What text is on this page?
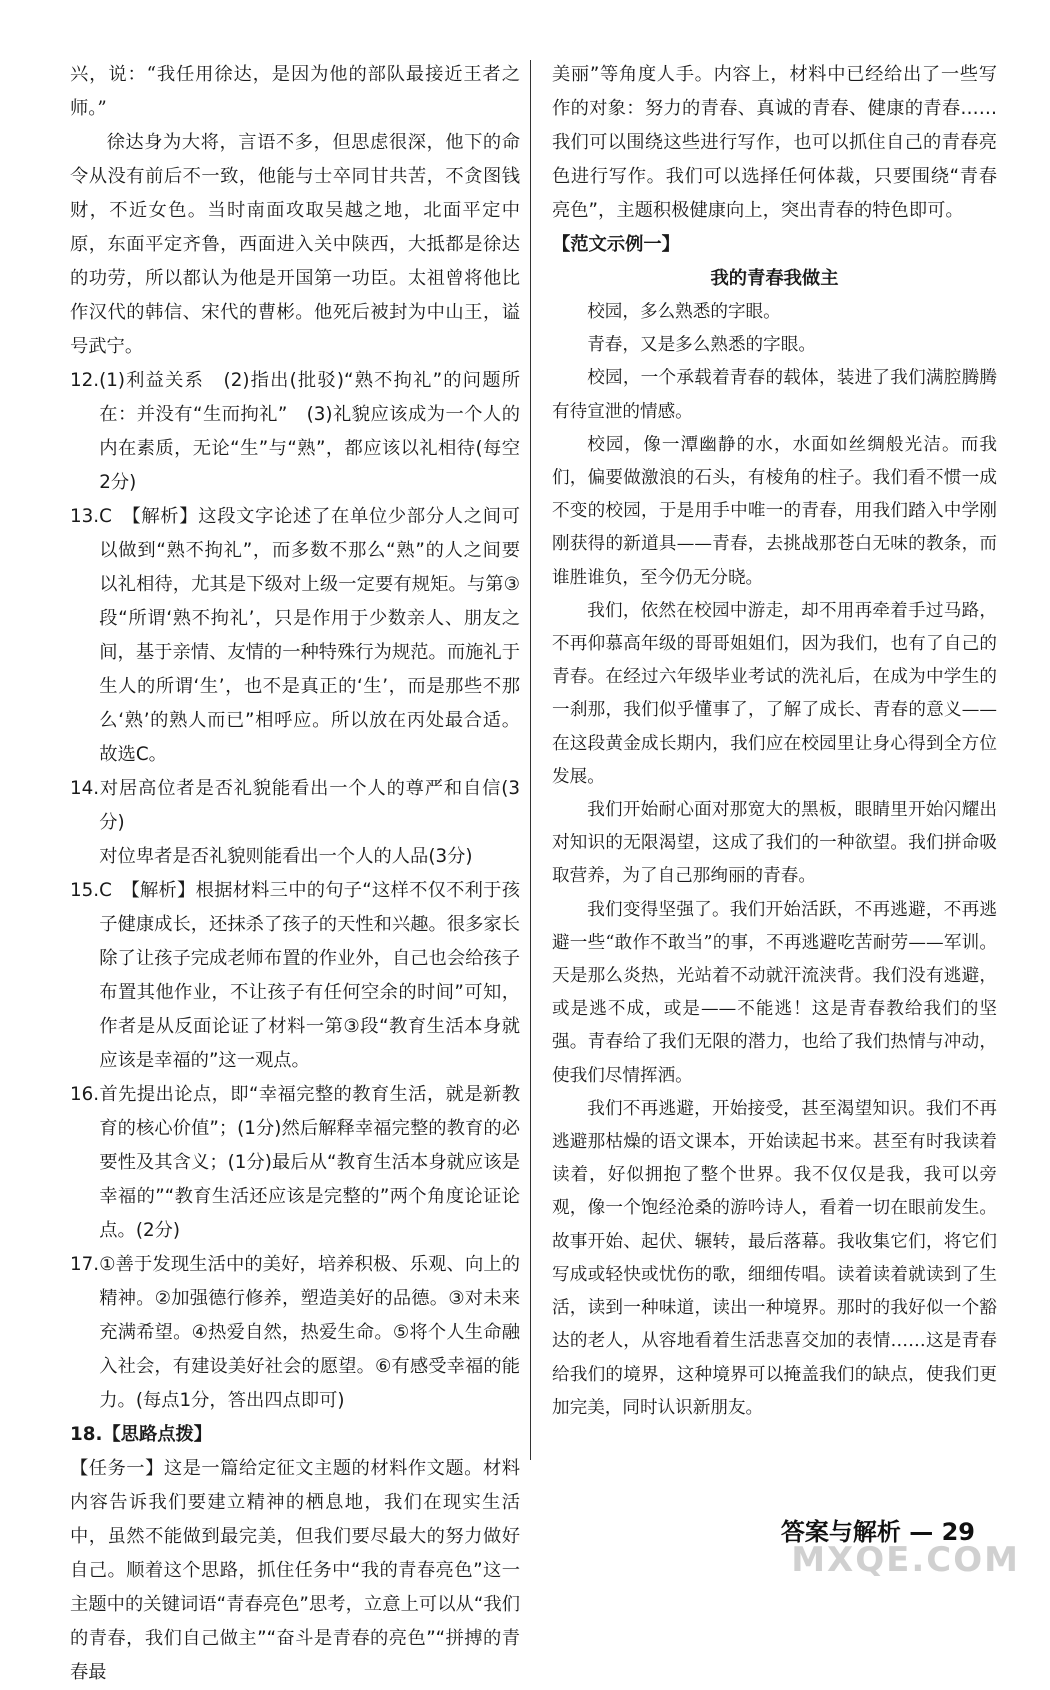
兴，说：“我任用徐达，是因为他的部队最接近王者之师。”

徐达身为大将，言语不多，但思虑很深，他下的命令从没有前后不一致，他能与士卒同甘共苦，不贪图钱财，不近女色。当时南面攻取吴越之地，北面平定中原，东面平定齐鲁，西面进入关中陕西，大抵都是徐达的功劳，所以都认为他是开国第一功臣。太祖曾将他比作汉代的韩信、宋代的曹彬。他死后被封为中山王，谥号武宁。

12.(1)利益关系　(2)指出(批驳)“熟不拘礼”的问题所在：并没有“生而拘礼”　(3)礼貌应该成为一个人的内在素质，无论“生”与“熟”，都应该以礼相待(每空2分)

13.C　【解析】这段文字论述了在单位少部分人之间可以做到“熟不拘礼”，而多数不那么“熟”的人之间要以礼相待，尤其是下级对上级一定要有规矩。与第③段“所谓‘熟不拘礼’，只是作用于少数亲人、朋友之间，基于亲情、友情的一种特殊行为规范。而施礼于生人的所谓‘生’，也不是真正的‘生’，而是那些不那么‘熟’的熟人而已”相呼应。所以放在丙处最合适。故选C。

14.对居高位者是否礼貌能看出一个人的尊严和自信(3分)

对位卑者是否礼貌则能看出一个人的人品(3分)

15.C　【解析】根据材料三中的句子“这样不仅不利于孩子健康成长，还抹杀了孩子的天性和兴趣。很多家长除了让孩子完成老师布置的作业外，自己也会给孩子布置其他作业，不让孩子有任何空余的时间”可知，作者是从反面论证了材料一第③段“教育生活本身就应该是幸福的”这一观点。

16.首先提出论点，即“幸福完整的教育生活，就是新教育的核心价值”；(1分)然后解释幸福完整的教育的必要性及其含义；(1分)最后从“教育生活本身就应该是幸福的”“教育生活还应该是完整的”两个角度论证论点。(2分)

17.①善于发现生活中的美好，培养积极、乐观、向上的精神。②加强德行修养，塑造美好的品德。③对未来充满希望。④热爱自然，热爱生命。⑤将个人生命融入社会，有建设美好社会的愿望。⑥有感受幸福的能力。(每点1分，答出四点即可)

18.【思路点拨】

【任务一】这是一篇给定征文主题的材料作文题。材料内容告诉我们要建立精神的栖息地，我们在现实生活中，虽然不能做到最完美，但我们要尽最大的努力做好自己。顺着这个思路，抓住任务中“我的青春亮色”这一主题中的关键词语“青春亮色”思考，立意上可以从“我们的青春，我们自己做主”“奋斗是青春的亮色”“拼搏的青春最

美丽”等角度人手。内容上，材料中已经给出了一些写作的对象：努力的青春、真诚的青春、健康的青春……我们可以围绕这些进行写作，也可以抓住自己的青春亮色进行写作。我们可以选择任何体裁，只要围绕“青春亮色”，主题积极健康向上，突出青春的特色即可。

【范文示例一】

我的青春我做主

校园，多么熟悉的字眼。

青春，又是多么熟悉的字眼。

校园，一个承载着青春的载体，装进了我们满腔腾腾有待宣泄的情感。

校园，像一潭幽静的水，水面如丝绸般光洁。而我们，偏要做激浪的石头，有棱角的柱子。我们看不惯一成不变的校园，于是用手中唯一的青春，用我们踏入中学刚刚获得的新道具——青春，去挑战那苍白无味的教条，而谁胜谁负，至今仍无分晓。

我们，依然在校园中游走，却不用再牵着手过马路，不再仰慕高年级的哥哥姐姐们，因为我们，也有了自己的青春。在经过六年级毕业考试的洗礼后，在成为中学生的一刹那，我们似乎懂事了，了解了成长、青春的意义——在这段黄金成长期内，我们应在校园里让身心得到全方位发展。

我们开始耐心面对那宽大的黑板，眼睛里开始闪耀出对知识的无限渴望，这成了我们的一种欲望。我们拼命吸取营养，为了自己那绚丽的青春。

我们变得坚强了。我们开始活跃，不再逃避，不再逃避一些“敢作不敢当”的事，不再逃避吃苦耐劳——军训。天是那么炎热，光站着不动就汗流浃背。我们没有逃避，或是逃不成，或是——不能逃！这是青春教给我们的坚强。青春给了我们无限的潜力，也给了我们热情与冲动，使我们尽情挥洒。

我们不再逃避，开始接受，甚至渴望知识。我们不再逃避那枯燥的语文课本，开始读起书来。甚至有时我读着读着，好似拥抱了整个世界。我不仅仅是我，我可以旁观，像一个饱经沧桑的游吟诗人，看着一切在眼前发生。故事开始、起伏、辗转，最后落幕。我收集它们，将它们写成或轻快或忧伤的歌，细细传唱。读着读着就读到了生活，读到一种味道，读出一种境界。那时的我好似一个豁达的老人，从容地看着生活悲喜交加的表情……这是青春给我们的境界，这种境界可以掩盖我们的缺点，使我们更加完美，同时认识新朋友。

答案与解析 — 29
MXQE.COM
